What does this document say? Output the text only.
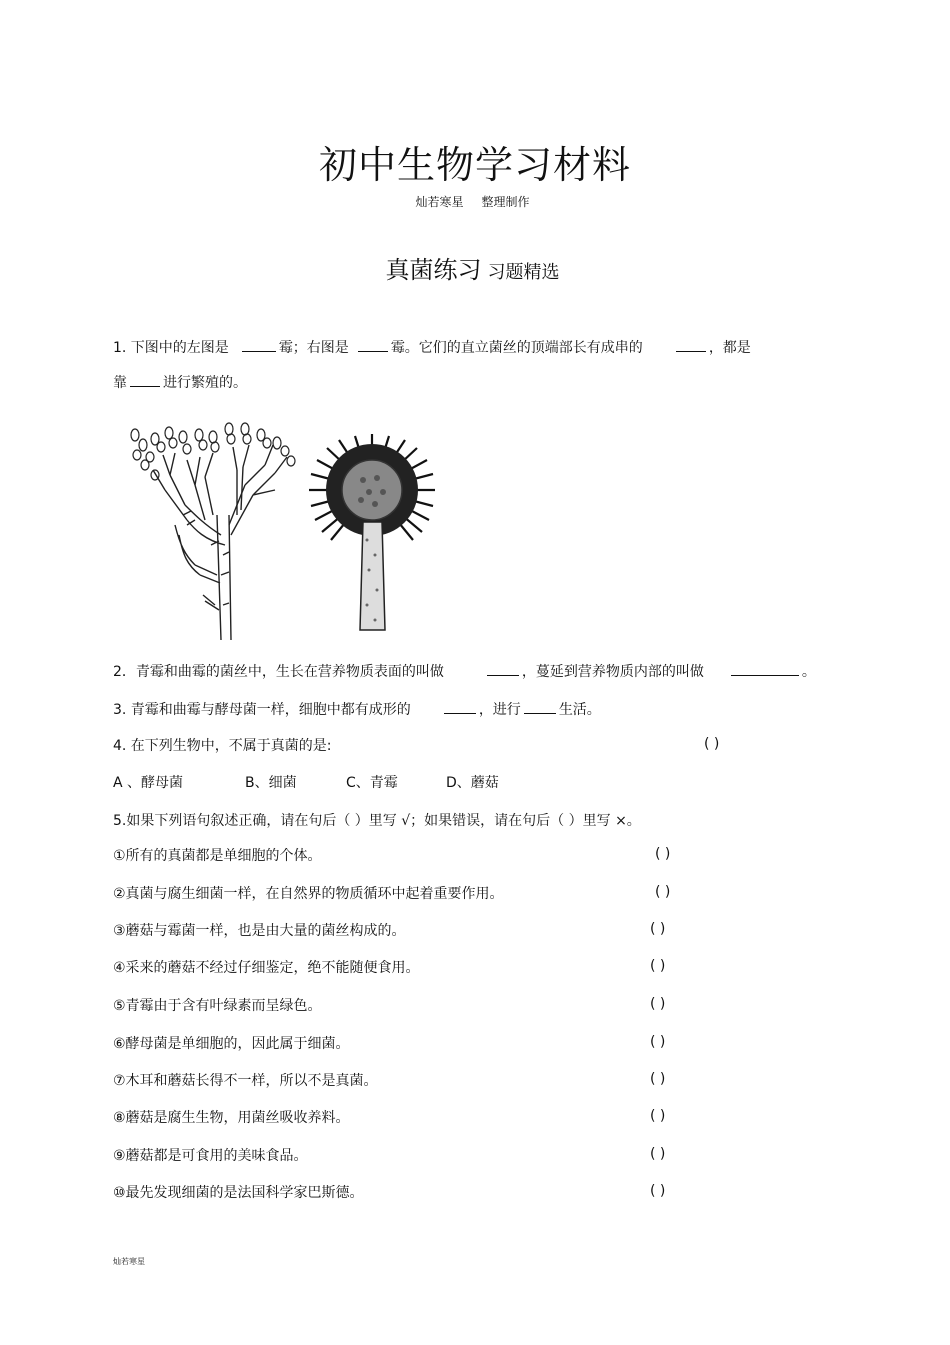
初中生物学习材料
灿若寒星 整理制作
真菌练习 习题精选
1. 下图中的左图是	霉；右图是	霉。它们的直立菌丝的顶端部长有成串的	，都是
靠	进行繁殖的。
2．青霉和曲霉的菌丝中，生长在营养物质表面的叫做	，蔓延到营养物质内部的叫做	。
3. 青霉和曲霉与酵母菌一样，细胞中都有成形的	，进行	生活。
4. 在下列生物中，不属于真菌的是:	( )
A 、酵母菌	B、细菌	C、青霉	D、蘑菇
5.如果下列语句叙述正确，请在句后（ ）里写 √；如果错误，请在句后（ ）里写 ×。
①所有的真菌都是单细胞的个体。	( )
②真菌与腐生细菌一样，在自然界的物质循环中起着重要作用。	( )
③蘑菇与霉菌一样，也是由大量的菌丝构成的。	( )
④采来的蘑菇不经过仔细鉴定，绝不能随便食用。	( )
⑤青霉由于含有叶绿素而呈绿色。	( )
⑥酵母菌是单细胞的，因此属于细菌。	( )
⑦木耳和蘑菇长得不一样，所以不是真菌。	( )
⑧蘑菇是腐生生物，用菌丝吸收养料。	( )
⑨蘑菇都是可食用的美味食品。	( )
⑩最先发现细菌的是法国科学家巴斯德。	( )
灿若寒星
